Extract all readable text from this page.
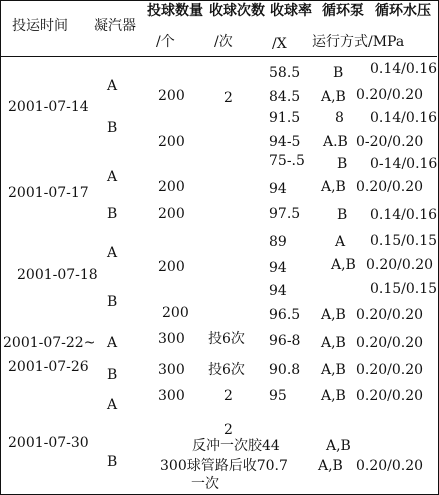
投运时间 凝汽器
投球数量
/个
收球次数
/次
收球率
/X
循环泵
运行方式/MPa
循环水压
2001-07-14
A
B
200
200
2
58.5
84.5
91.5
94-5
B
A,B
8
A.B
0.14/0.16
0.20/0.20
0.14/0.16
0-20/0.20
2001-07-17
A
B
200
200
75-.5
94
97.5
B
A,B
B
0-14/0.16
0.20/0.20
0.14/0.16
2001-07-18
A
B
200
200
89
94
94
96.5
A
A,B
A,B
0.15/0.15
0.20/0.20
0.15/0.15
0.20/0.20
2001-07-22~
2001-07-26
A
B
A
300
300
300
投6次
投6次
2
96-8
90.8
95
A,B
A,B
A,B
0.20/0.20
0.20/0.20
0.20/0.20
2001-07-30
B
2
反冲一次胶44
300球管路后收70.7
一次
A,B
A,B 0.20/0.20
